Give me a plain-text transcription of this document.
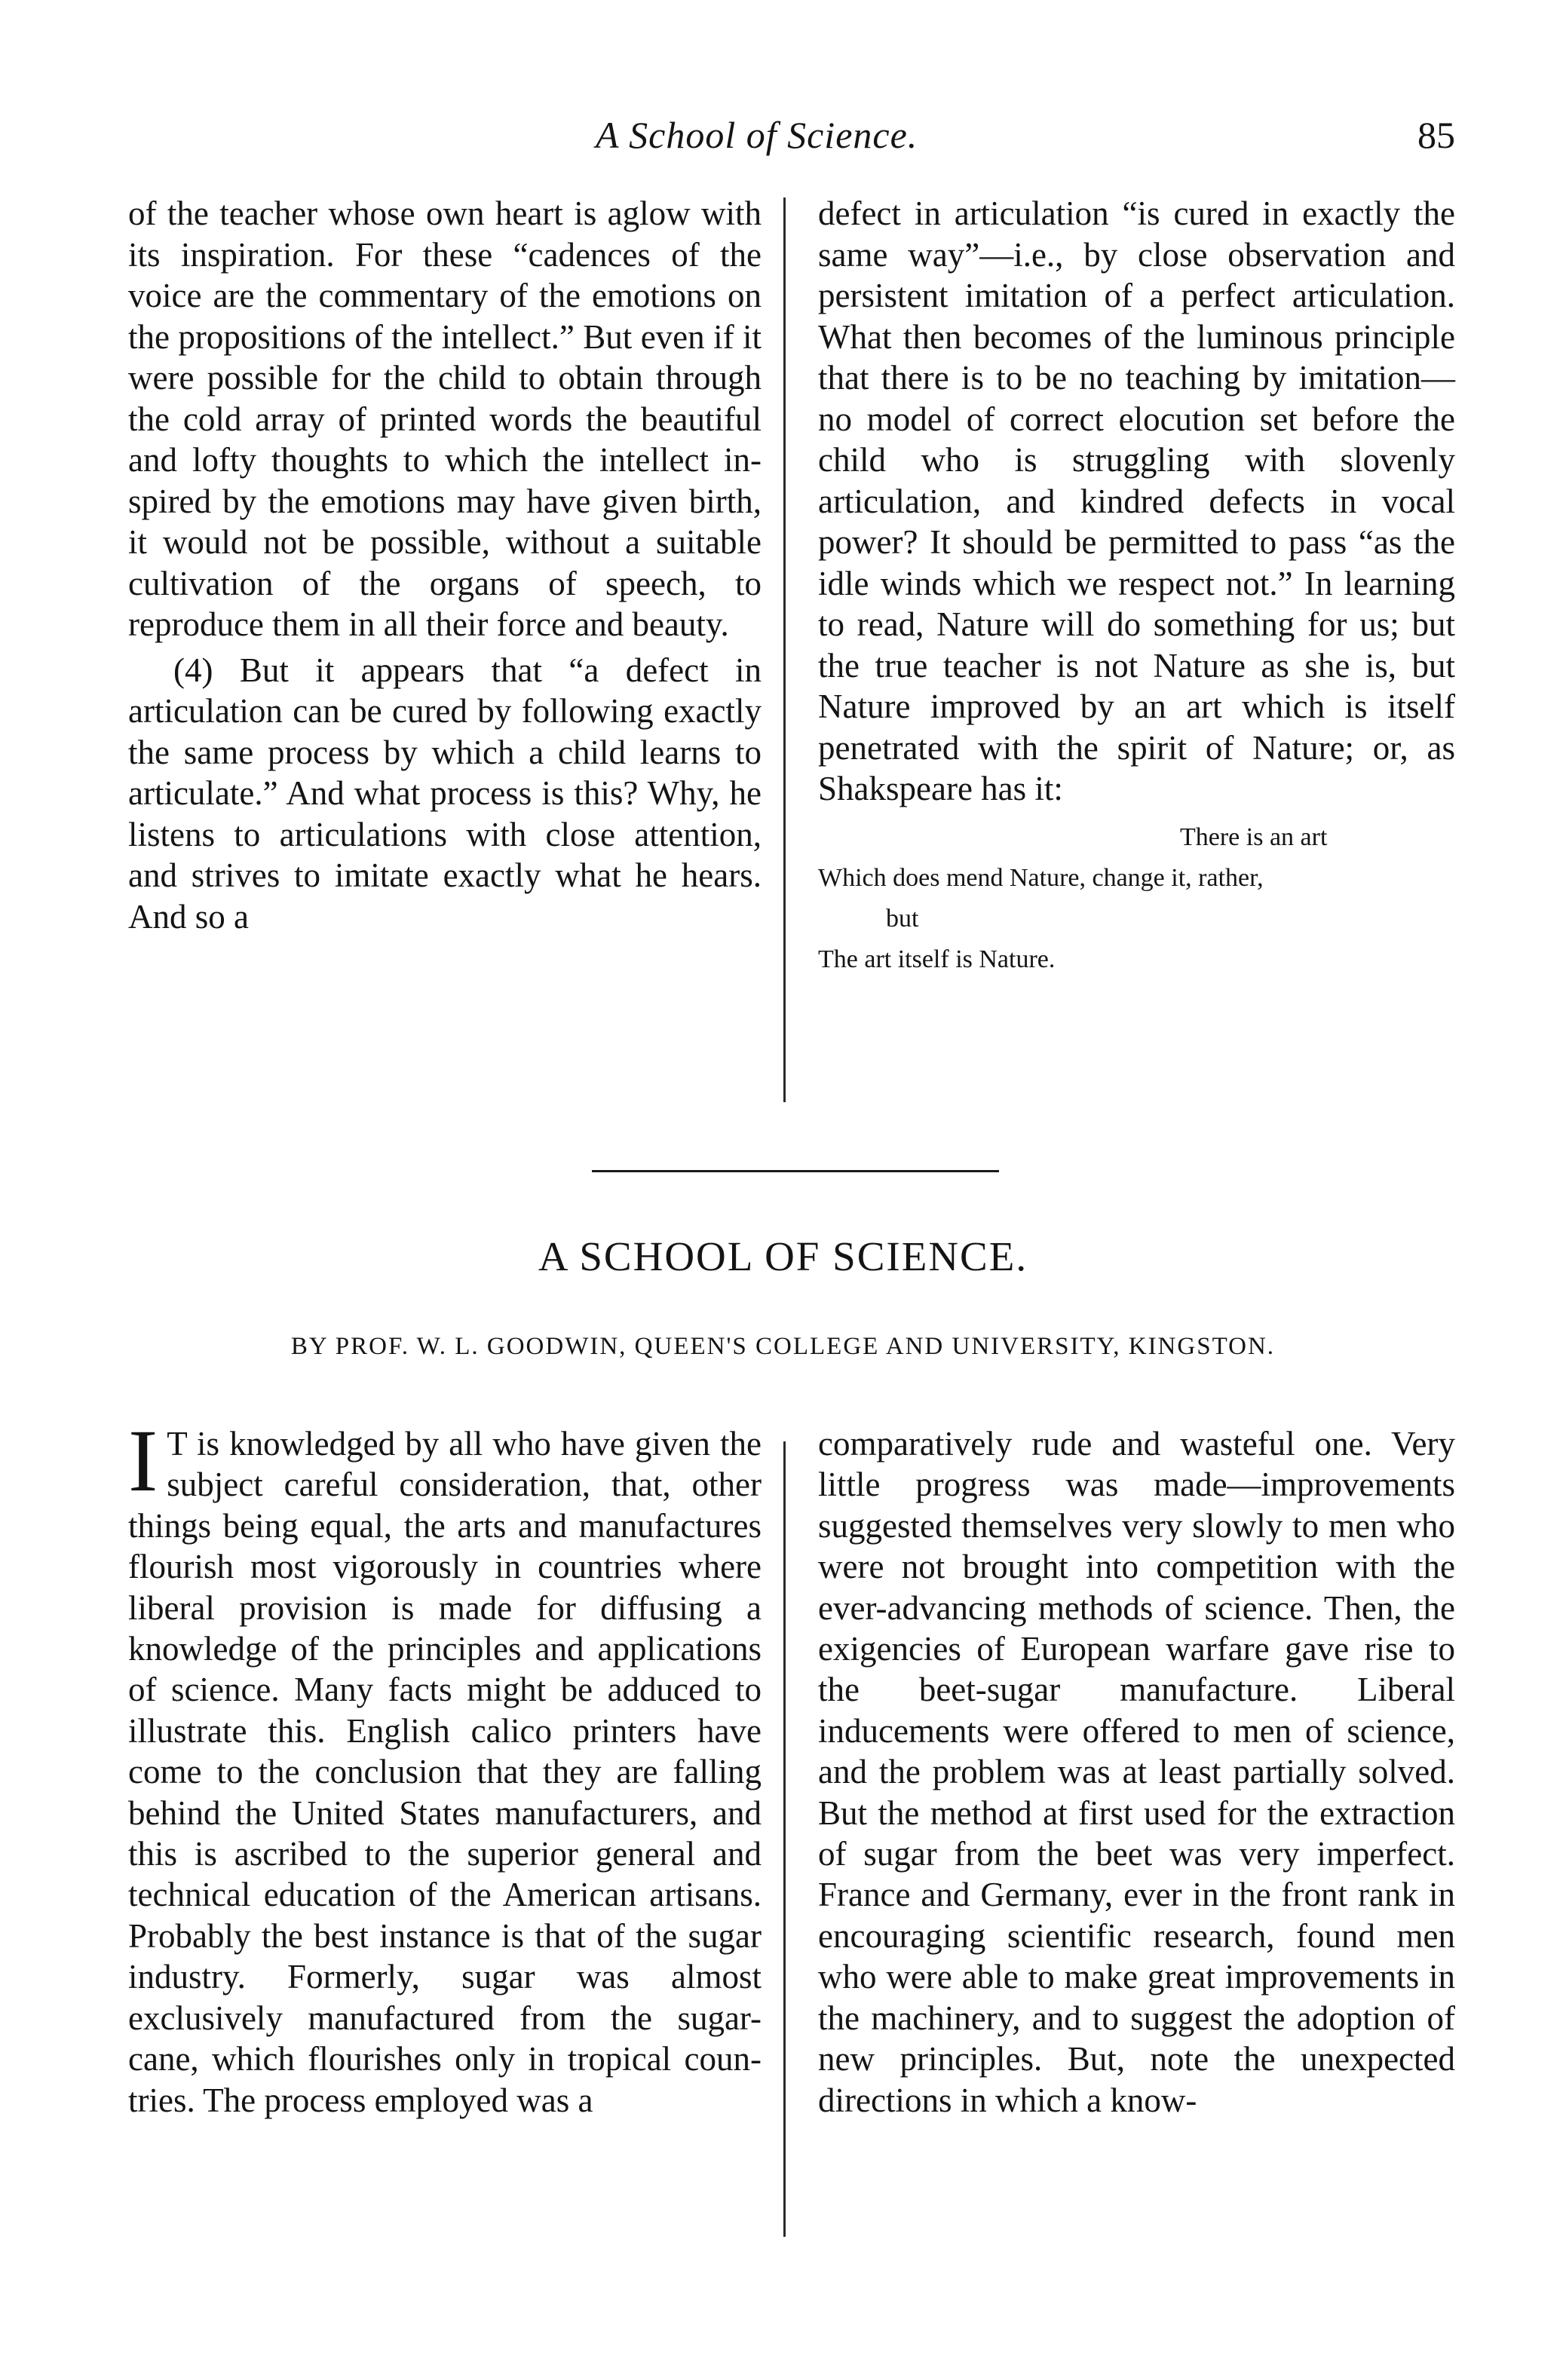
A School of Science.	85

of the teacher whose own heart is aglow with its inspiration. For these “cadences of the voice are the commentary of the emotions on the propositions of the intellect.” But even if it were possible for the child to obtain through the cold array of printed words the beautiful and lofty thoughts to which the intellect inspired by the emotions may have given birth, it would not be possible, without a suitable cultivation of the organs of speech, to reproduce them in all their force and beauty.

(4) But it appears that “a defect in articulation can be cured by following exactly the same process by which a child learns to articulate.” And what process is this? Why, he listens to articulations with close attention, and strives to imitate exactly what he hears. And so a

defect in articulation “is cured in exactly the same way”—i.e., by close observation and persistent imitation of a perfect articulation. What then becomes of the luminous principle that there is to be no teaching by imitation—no model of correct elocution set before the child who is struggling with slovenly articulation, and kindred defects in vocal power? It should be permitted to pass “as the idle winds which we respect not.” In learning to read, Nature will do something for us; but the true teacher is not Nature as she is, but Nature improved by an art which is itself penetrated with the spirit of Nature; or, as Shakspeare has it:

There is an art
Which does mend Nature, change it, rather,
but
The art itself is Nature.
A SCHOOL OF SCIENCE.
BY PROF. W. L. GOODWIN, QUEEN'S COLLEGE AND UNIVERSITY, KINGSTON.

I T is knowledged by all who have given the subject careful consideration, that, other things being equal, the arts and manufactures flourish most vigorously in countries where liberal provision is made for diffusing a knowledge of the principles and applications of science. Many facts might be adduced to illustrate this. English calico printers have come to the conclusion that they are falling behind the United States manufacturers, and this is ascribed to the superior general and technical education of the American artisans. Probably the best instance is that of the sugar industry. Formerly, sugar was almost exclusively manufactured from the sugar-cane, which flourishes only in tropical countries. The process employed was a

comparatively rude and wasteful one. Very little progress was made—improvements suggested themselves very slowly to men who were not brought into competition with the ever-advancing methods of science. Then, the exigencies of European warfare gave rise to the beet-sugar manufacture. Liberal inducements were offered to men of science, and the problem was at least partially solved. But the method at first used for the extraction of sugar from the beet was very imperfect. France and Germany, ever in the front rank in encouraging scientific research, found men who were able to make great improvements in the machinery, and to suggest the adoption of new principles. But, note the unexpected directions in which a know-
